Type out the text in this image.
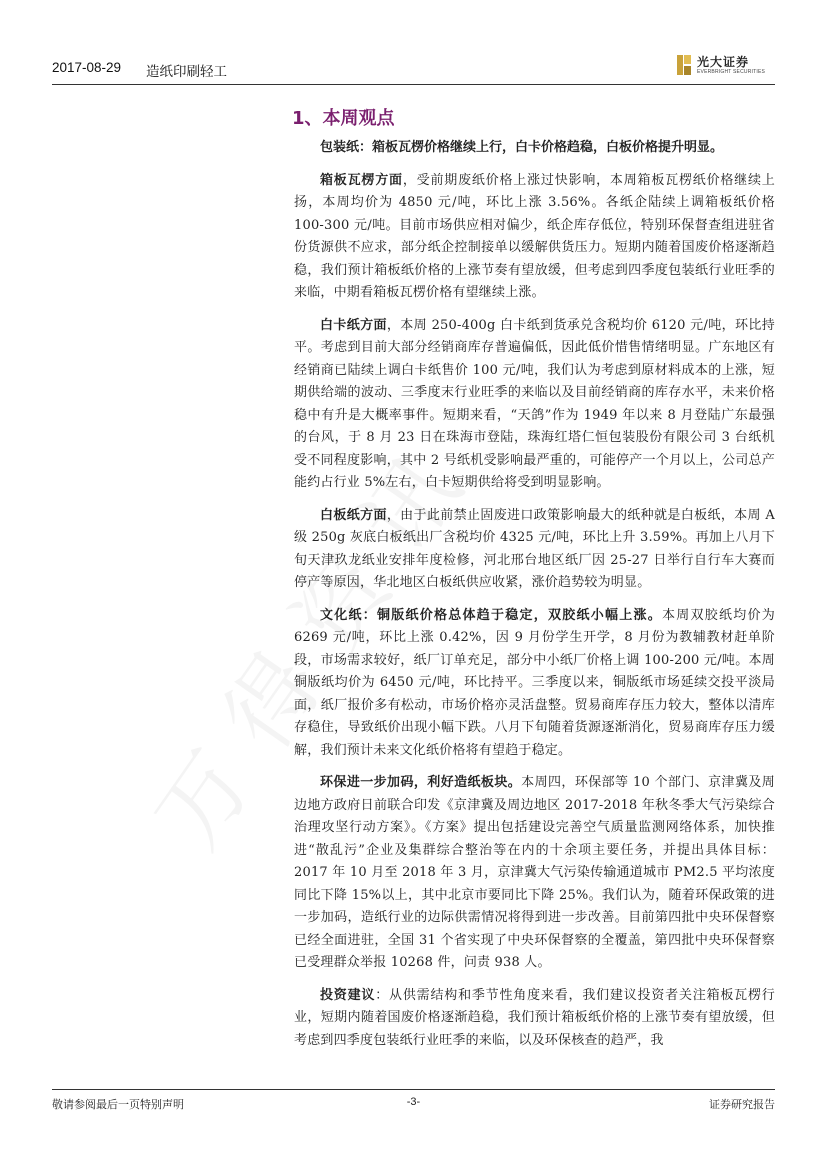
2017-08-29 造纸印刷轻工
光大证券
EVERBRIGHT SECURITIES
1、本周观点

包装纸：箱板瓦楞价格继续上行，白卡价格趋稳，白板价格提升明显。

箱板瓦楞方面，受前期废纸价格上涨过快影响，本周箱板瓦楞纸价格继续上扬，本周均价为 4850 元/吨，环比上涨 3.56%。各纸企陆续上调箱板纸价格 100-300 元/吨。目前市场供应相对偏少，纸企库存低位，特别环保督查组进驻省份货源供不应求，部分纸企控制接单以缓解供货压力。短期内随着国废价格逐渐趋稳，我们预计箱板纸价格的上涨节奏有望放缓，但考虑到四季度包装纸行业旺季的来临，中期看箱板瓦楞价格有望继续上涨。

白卡纸方面，本周 250-400g 白卡纸到货承兑含税均价 6120 元/吨，环比持平。考虑到目前大部分经销商库存普遍偏低，因此低价惜售情绪明显。广东地区有经销商已陆续上调白卡纸售价 100 元/吨，我们认为考虑到原材料成本的上涨，短期供给端的波动、三季度末行业旺季的来临以及目前经销商的库存水平，未来价格稳中有升是大概率事件。短期来看，“天鸽”作为 1949 年以来 8 月登陆广东最强的台风，于 8 月 23 日在珠海市登陆，珠海红塔仁恒包装股份有限公司 3 台纸机受不同程度影响，其中 2 号纸机受影响最严重的，可能停产一个月以上，公司总产能约占行业 5%左右，白卡短期供给将受到明显影响。

白板纸方面，由于此前禁止固废进口政策影响最大的纸种就是白板纸，本周 A 级 250g 灰底白板纸出厂含税均价 4325 元/吨，环比上升 3.59%。再加上八月下旬天津玖龙纸业安排年度检修，河北邢台地区纸厂因 25-27 日举行自行车大赛而停产等原因，华北地区白板纸供应收紧，涨价趋势较为明显。

文化纸：铜版纸价格总体趋于稳定，双胶纸小幅上涨。本周双胶纸均价为 6269 元/吨，环比上涨 0.42%，因 9 月份学生开学，8 月份为教辅教材赶单阶段，市场需求较好，纸厂订单充足，部分中小纸厂价格上调 100-200 元/吨。本周铜版纸均价为 6450 元/吨，环比持平。三季度以来，铜版纸市场延续交投平淡局面，纸厂报价多有松动，市场价格亦灵活盘整。贸易商库存压力较大，整体以清库存稳住，导致纸价出现小幅下跌。八月下旬随着货源逐渐消化，贸易商库存压力缓解，我们预计未来文化纸价格将有望趋于稳定。

环保进一步加码，利好造纸板块。本周四，环保部等 10 个部门、京津冀及周边地方政府日前联合印发《京津冀及周边地区 2017-2018 年秋冬季大气污染综合治理攻坚行动方案》。《方案》提出包括建设完善空气质量监测网络体系，加快推进“散乱污”企业及集群综合整治等在内的十余项主要任务，并提出具体目标：2017 年 10 月至 2018 年 3 月，京津冀大气污染传输通道城市 PM2.5 平均浓度同比下降 15%以上，其中北京市要同比下降 25%。我们认为，随着环保政策的进一步加码，造纸行业的边际供需情况将得到进一步改善。目前第四批中央环保督察已经全面进驻，全国 31 个省实现了中央环保督察的全覆盖，第四批中央环保督察已受理群众举报 10268 件，问责 938 人。

投资建议：从供需结构和季节性角度来看，我们建议投资者关注箱板瓦楞行业，短期内随着国废价格逐渐趋稳，我们预计箱板纸价格的上涨节奏有望放缓，但考虑到四季度包装纸行业旺季的来临，以及环保核查的趋严，我

敬请参阅最后一页特别声明	-3-	证券研究报告
